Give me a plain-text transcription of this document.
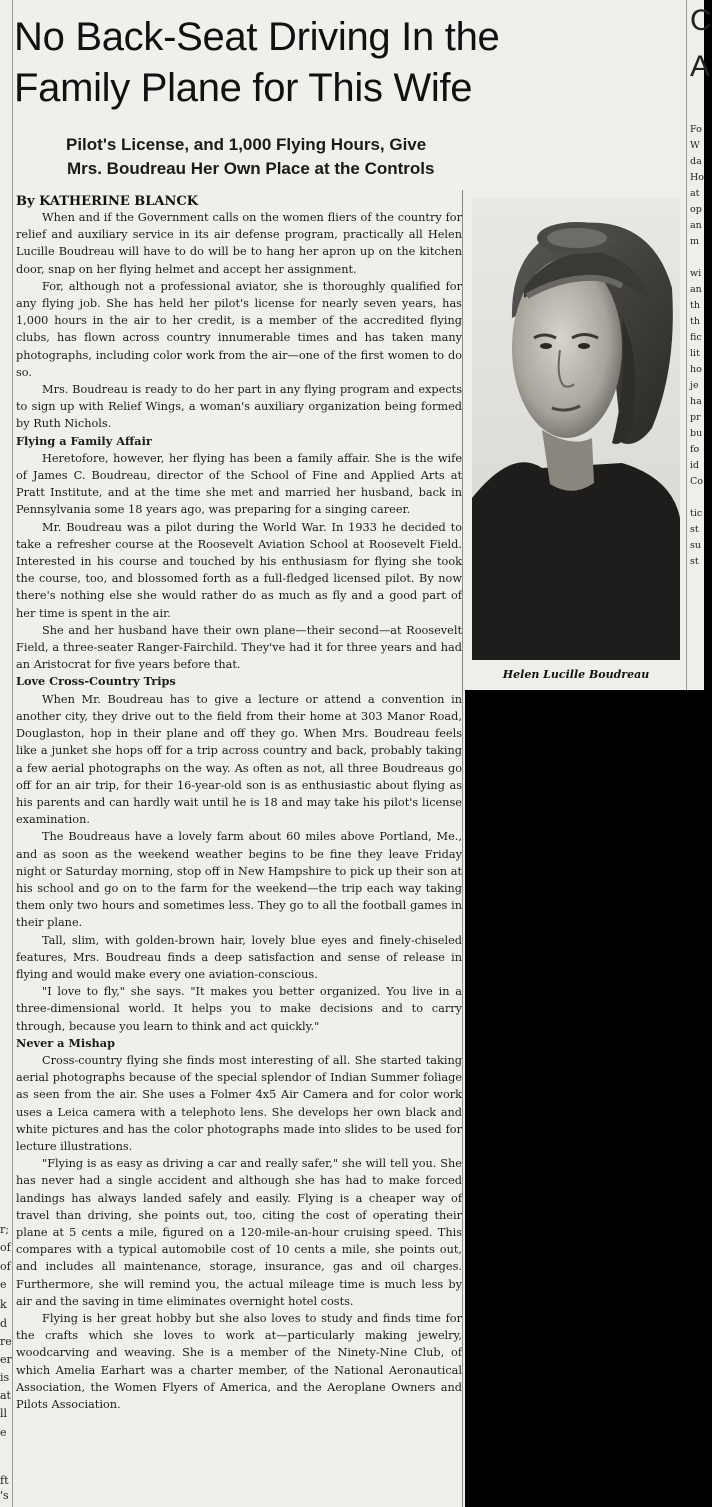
r;
of
of
e
k
d
re
er
is
at
ll
e
ft
's
No Back-Seat Driving In the
Family Plane for This Wife
Pilot's License, and 1,000 Flying Hours, Give
Mrs. Boudreau Her Own Place at the Controls
By KATHERINE BLANCK

When and if the Government calls on the women fliers of the country for relief and auxiliary service in its air defense program, practically all Helen Lucille Boudreau will have to do will be to hang her apron up on the kitchen door, snap on her flying helmet and accept her assignment.

For, although not a professional aviator, she is thoroughly qualified for any flying job. She has held her pilot's license for nearly seven years, has 1,000 hours in the air to her credit, is a member of the accredited flying clubs, has flown across country innumerable times and has taken many photographs, including color work from the air—one of the first women to do so.

Mrs. Boudreau is ready to do her part in any flying program and expects to sign up with Relief Wings, a woman's auxiliary organization being formed by Ruth Nichols.

Flying a Family Affair

Heretofore, however, her flying has been a family affair. She is the wife of James C. Boudreau, director of the School of Fine and Applied Arts at Pratt Institute, and at the time she met and married her husband, back in Pennsylvania some 18 years ago, was preparing for a singing career.

Mr. Boudreau was a pilot during the World War. In 1933 he decided to take a refresher course at the Roosevelt Aviation School at Roosevelt Field. Interested in his course and touched by his enthusiasm for flying she took the course, too, and blossomed forth as a full-fledged licensed pilot. By now there's nothing else she would rather do as much as fly and a good part of her time is spent in the air.

She and her husband have their own plane—their second—at Roosevelt Field, a three-seater Ranger-Fairchild. They've had it for three years and had an Aristocrat for five years before that.

Love Cross-Country Trips

When Mr. Boudreau has to give a lecture or attend a convention in another city, they drive out to the field from their home at 303 Manor Road, Douglaston, hop in their plane and off they go. When Mrs. Boudreau feels like a junket she hops off for a trip across country and back, probably taking a few aerial photographs on the way. As often as not, all three Boudreaus go off for an air trip, for their 16-year-old son is as enthusiastic about flying as his parents and can hardly wait until he is 18 and may take his pilot's license examination.

The Boudreaus have a lovely farm about 60 miles above Portland, Me., and as soon as the weekend weather begins to be fine they leave Friday night or Saturday morning, stop off in New Hampshire to pick up their son at his school and go on to the farm for the weekend—the trip each way taking them only two hours and sometimes less. They go to all the football games in their plane.

Tall, slim, with golden-brown hair, lovely blue eyes and finely-chiseled features, Mrs. Boudreau finds a deep satisfaction and sense of release in flying and would make every one aviation-conscious.

"I love to fly," she says. "It makes you better organized. You live in a three-dimensional world. It helps you to make decisions and to carry through, because you learn to think and act quickly."

Never a Mishap

Cross-country flying she finds most interesting of all. She started taking aerial photographs because of the special splendor of Indian Summer foliage as seen from the air. She uses a Folmer 4x5 Air Camera and for color work uses a Leica camera with a telephoto lens. She develops her own black and white pictures and has the color photographs made into slides to be used for lecture illustrations.

"Flying is as easy as driving a car and really safer," she will tell you. She has never had a single accident and although she has had to make forced landings has always landed safely and easily. Flying is a cheaper way of travel than driving, she points out, too, citing the cost of operating their plane at 5 cents a mile, figured on a 120-mile-an-hour cruising speed. This compares with a typical automobile cost of 10 cents a mile, she points out, and includes all maintenance, storage, insurance, gas and oil charges. Furthermore, she will remind you, the actual mileage time is much less by air and the saving in time eliminates overnight hotel costs.

Flying is her great hobby but she also loves to study and finds time for the crafts which she loves to work at—particularly making jewelry, woodcarving and weaving. She is a member of the Ninety-Nine Club, of which Amelia Earhart was a charter member, of the National Aeronautical Association, the Women Flyers of America, and the Aeroplane Owners and Pilots Association.

Helen Lucille Boudreau
C
A
Fo
W
da
Ho
at
op
an
m
wi
an
th
th
fic
lit
ho
je
ha
pr
bu
fo
id
Co
tic
st
su
st
